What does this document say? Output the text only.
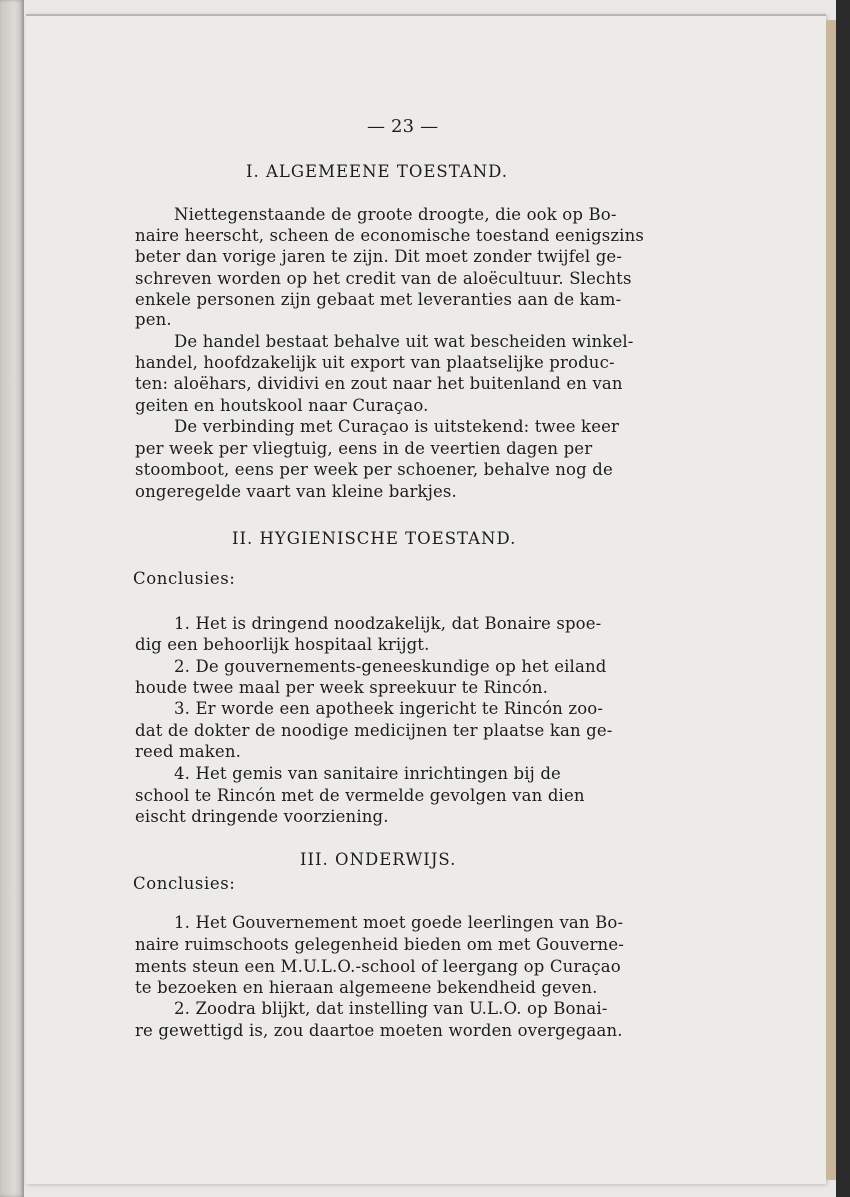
— 23 —
I. ALGEMEENE TOESTAND.
Niettegenstaande de groote droogte, die ook op Bo-
naire heerscht, scheen de economische toestand eenigszins
beter dan vorige jaren te zijn. Dit moet zonder twijfel ge-
schreven worden op het credit van de aloëcultuur. Slechts
enkele personen zijn gebaat met leveranties aan de kam-
pen.
De handel bestaat behalve uit wat bescheiden winkel-
handel, hoofdzakelijk uit export van plaatselijke produc-
ten: aloëhars, dividivi en zout naar het buitenland en van
geiten en houtskool naar Curaçao.
De verbinding met Curaçao is uitstekend: twee keer
per week per vliegtuig, eens in de veertien dagen per
stoomboot, eens per week per schoener, behalve nog de
ongeregelde vaart van kleine barkjes.
II. HYGIENISCHE TOESTAND.
Conclusies:
1. Het is dringend noodzakelijk, dat Bonaire spoe-
dig een behoorlijk hospitaal krijgt.
2. De gouvernements-geneeskundige op het eiland
houde twee maal per week spreekuur te Rincón.
3. Er worde een apotheek ingericht te Rincón zoo-
dat de dokter de noodige medicijnen ter plaatse kan ge-
reed maken.
4. Het gemis van sanitaire inrichtingen bij de
school te Rincón met de vermelde gevolgen van dien
eischt dringende voorziening.
III. ONDERWIJS.
Conclusies:
1. Het Gouvernement moet goede leerlingen van Bo-
naire ruimschoots gelegenheid bieden om met Gouverne-
ments steun een M.U.L.O.-school of leergang op Curaçao
te bezoeken en hieraan algemeene bekendheid geven.
2. Zoodra blijkt, dat instelling van U.L.O. op Bonai-
re gewettigd is, zou daartoe moeten worden overgegaan.
